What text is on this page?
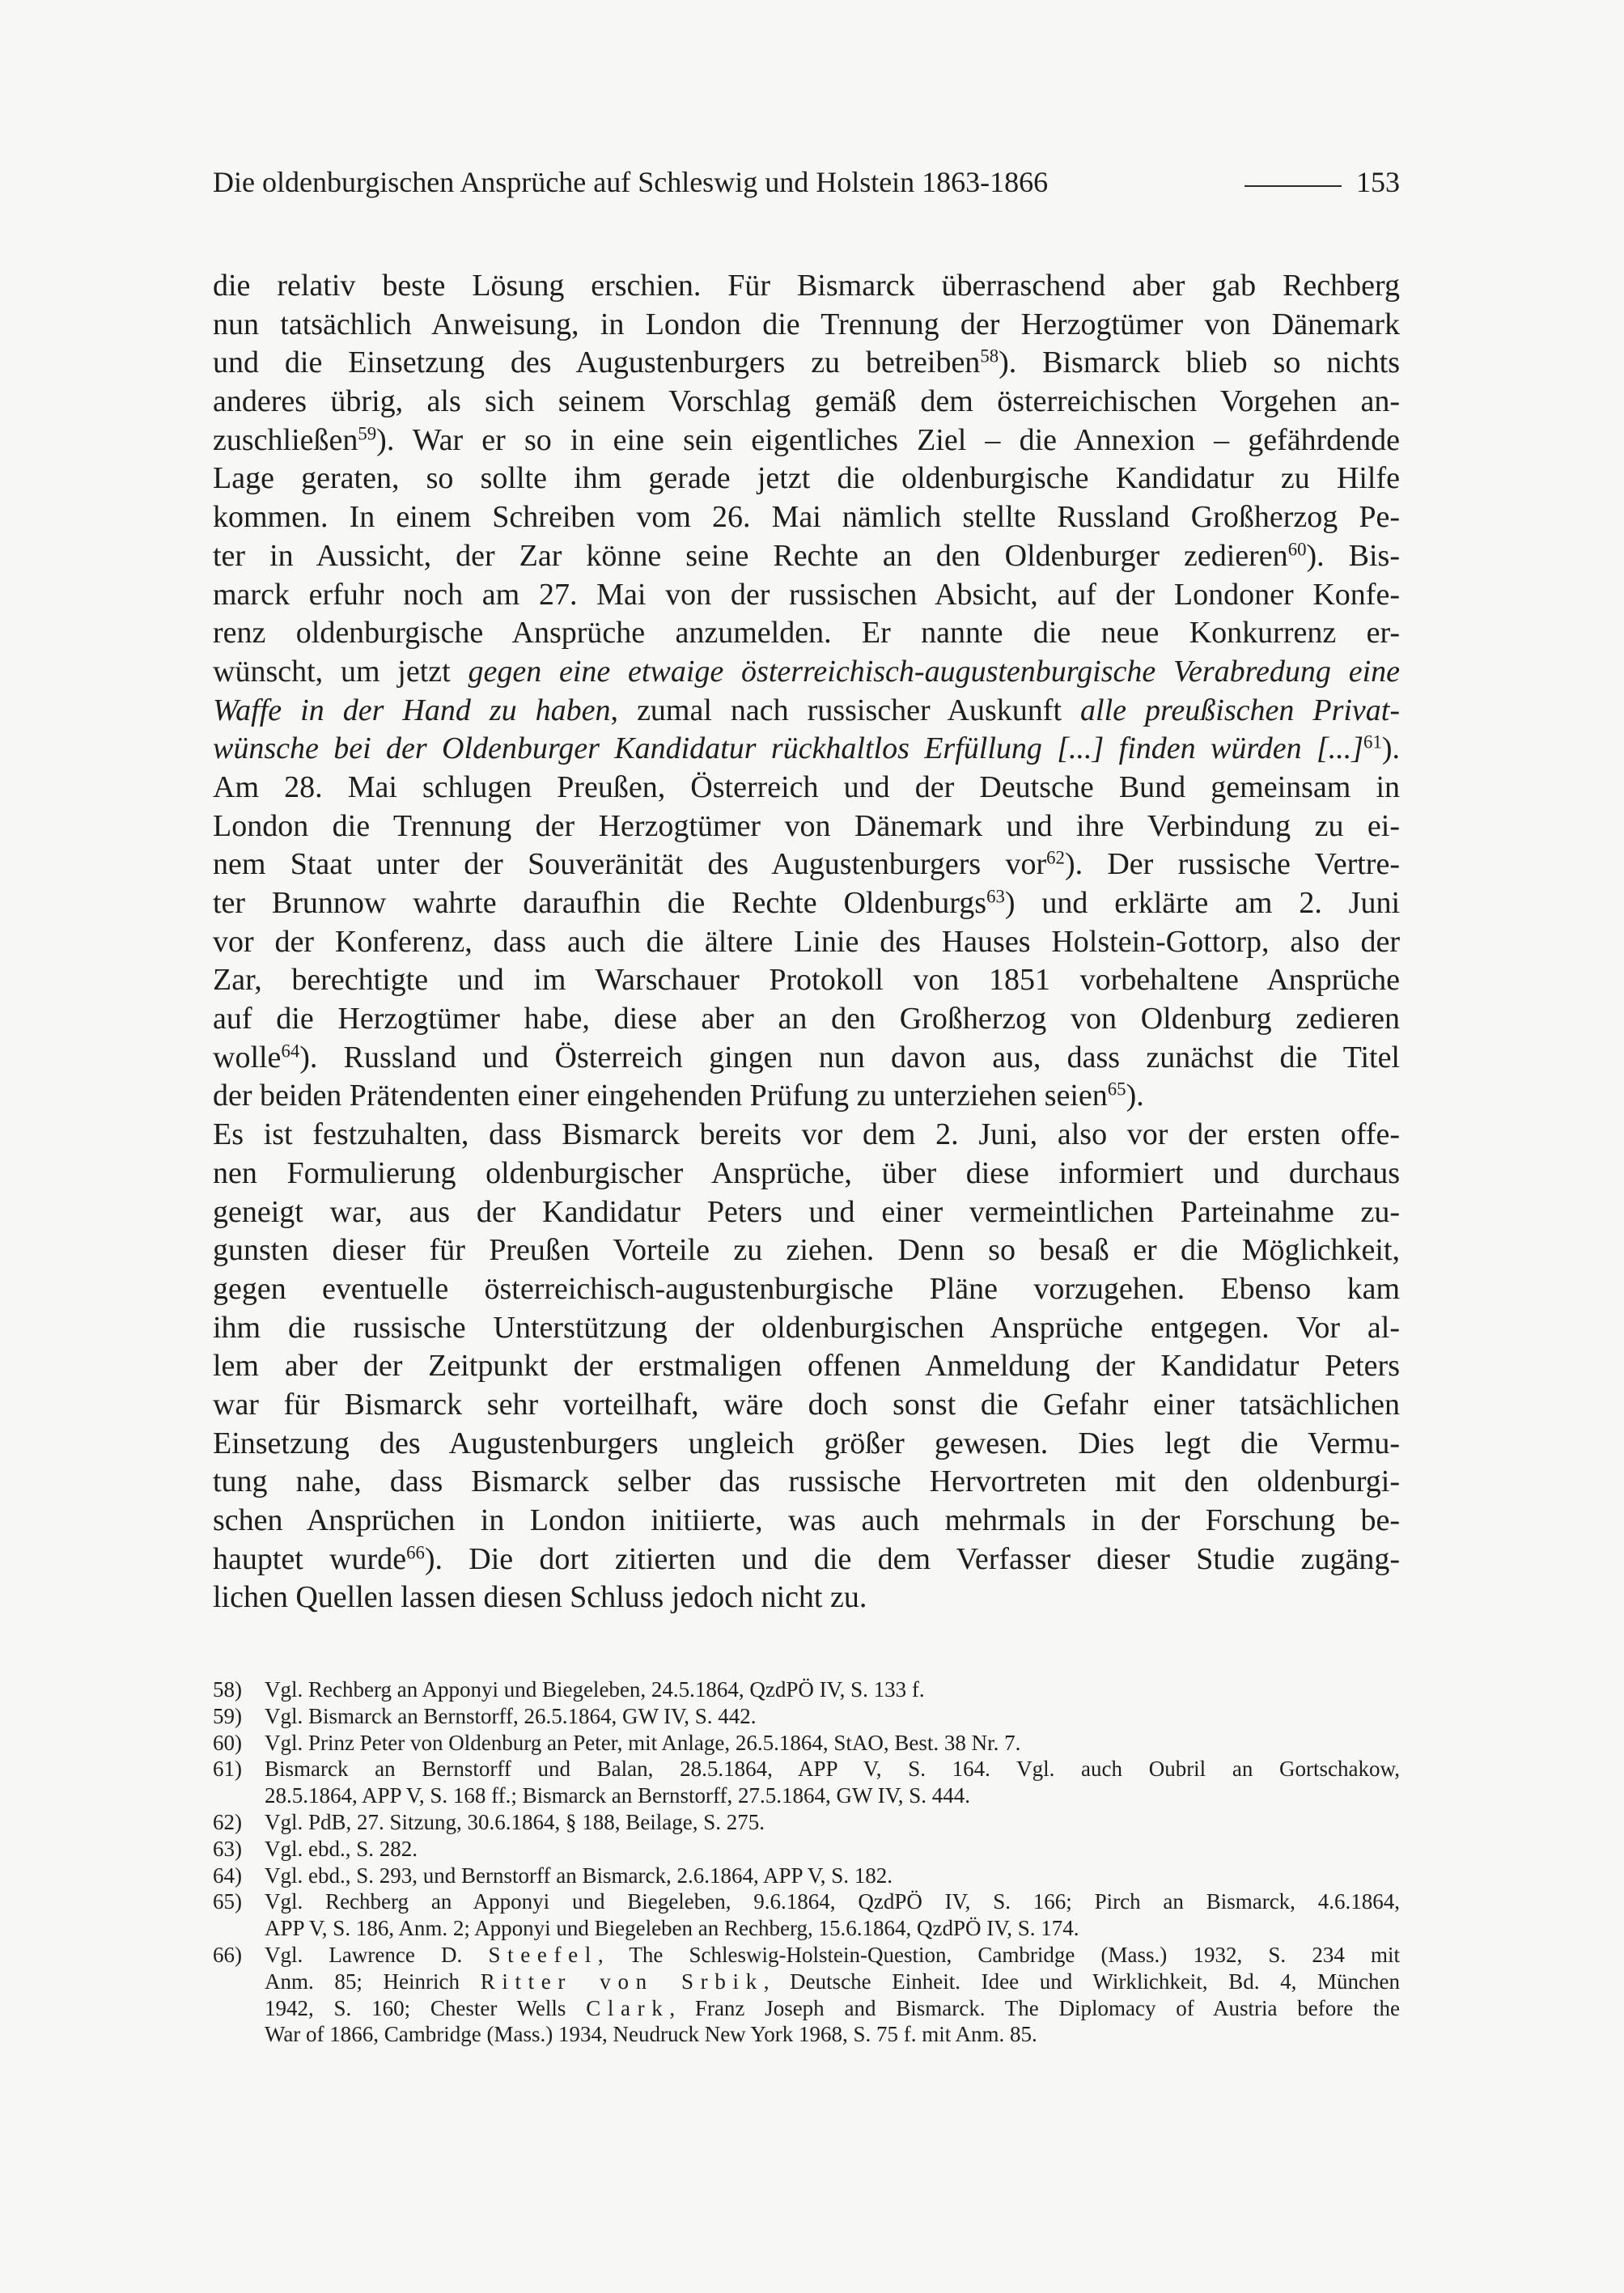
Die oldenburgischen Ansprüche auf Schleswig und Holstein 1863-1866	153
die relativ beste Lösung erschien. Für Bismarck überraschend aber gab Rechberg
nun tatsächlich Anweisung, in London die Trennung der Herzogtümer von Dänemark
und die Einsetzung des Augustenburgers zu betreiben$^{58}$). Bismarck blieb so nichts
anderes übrig, als sich seinem Vorschlag gemäß dem österreichischen Vorgehen an-
zuschließen$^{59}$). War er so in eine sein eigentliches Ziel – die Annexion – gefährdende
Lage geraten, so sollte ihm gerade jetzt die oldenburgische Kandidatur zu Hilfe
kommen. In einem Schreiben vom 26. Mai nämlich stellte Russland Großherzog Pe-
ter in Aussicht, der Zar könne seine Rechte an den Oldenburger zedieren$^{60}$). Bis-
marck erfuhr noch am 27. Mai von der russischen Absicht, auf der Londoner Konfe-
renz oldenburgische Ansprüche anzumelden. Er nannte die neue Konkurrenz er-
wünscht, um jetzt gegen eine etwaige österreichisch-augustenburgische Verabredung eine
Waffe in der Hand zu haben, zumal nach russischer Auskunft alle preußischen Privat-
wünsche bei der Oldenburger Kandidatur rückhaltlos Erfüllung [...] finden würden [...]$^{61}$).
Am 28. Mai schlugen Preußen, Österreich und der Deutsche Bund gemeinsam in
London die Trennung der Herzogtümer von Dänemark und ihre Verbindung zu ei-
nem Staat unter der Souveränität des Augustenburgers vor$^{62}$). Der russische Vertre-
ter Brunnow wahrte daraufhin die Rechte Oldenburgs$^{63}$) und erklärte am 2. Juni
vor der Konferenz, dass auch die ältere Linie des Hauses Holstein-Gottorp, also der
Zar, berechtigte und im Warschauer Protokoll von 1851 vorbehaltene Ansprüche
auf die Herzogtümer habe, diese aber an den Großherzog von Oldenburg zedieren
wolle$^{64}$). Russland und Österreich gingen nun davon aus, dass zunächst die Titel
der beiden Prätendenten einer eingehenden Prüfung zu unterziehen seien$^{65}$).
Es ist festzuhalten, dass Bismarck bereits vor dem 2. Juni, also vor der ersten offe-
nen Formulierung oldenburgischer Ansprüche, über diese informiert und durchaus
geneigt war, aus der Kandidatur Peters und einer vermeintlichen Parteinahme zu-
gunsten dieser für Preußen Vorteile zu ziehen. Denn so besaß er die Möglichkeit,
gegen eventuelle österreichisch-augustenburgische Pläne vorzugehen. Ebenso kam
ihm die russische Unterstützung der oldenburgischen Ansprüche entgegen. Vor al-
lem aber der Zeitpunkt der erstmaligen offenen Anmeldung der Kandidatur Peters
war für Bismarck sehr vorteilhaft, wäre doch sonst die Gefahr einer tatsächlichen
Einsetzung des Augustenburgers ungleich größer gewesen. Dies legt die Vermu-
tung nahe, dass Bismarck selber das russische Hervortreten mit den oldenburgi-
schen Ansprüchen in London initiierte, was auch mehrmals in der Forschung be-
hauptet wurde$^{66}$). Die dort zitierten und die dem Verfasser dieser Studie zugäng-
lichen Quellen lassen diesen Schluss jedoch nicht zu.
58)	Vgl. Rechberg an Apponyi und Biegeleben, 24.5.1864, QzdPÖ IV, S. 133 f.
59)	Vgl. Bismarck an Bernstorff, 26.5.1864, GW IV, S. 442.
60)	Vgl. Prinz Peter von Oldenburg an Peter, mit Anlage, 26.5.1864, StAO, Best. 38 Nr. 7.
61)	Bismarck an Bernstorff und Balan, 28.5.1864, APP V, S. 164. Vgl. auch Oubril an Gortschakow,
28.5.1864, APP V, S. 168 ff.; Bismarck an Bernstorff, 27.5.1864, GW IV, S. 444.
62)	Vgl. PdB, 27. Sitzung, 30.6.1864, § 188, Beilage, S. 275.
63)	Vgl. ebd., S. 282.
64)	Vgl. ebd., S. 293, und Bernstorff an Bismarck, 2.6.1864, APP V, S. 182.
65)	Vgl. Rechberg an Apponyi und Biegeleben, 9.6.1864, QzdPÖ IV, S. 166; Pirch an Bismarck, 4.6.1864,
APP V, S. 186, Anm. 2; Apponyi und Biegeleben an Rechberg, 15.6.1864, QzdPÖ IV, S. 174.
66)	Vgl. Lawrence D. Steefel, The Schleswig-Holstein-Question, Cambridge (Mass.) 1932, S. 234 mit
Anm. 85; Heinrich Ritter von Srbik, Deutsche Einheit. Idee und Wirklichkeit, Bd. 4, München
1942, S. 160; Chester Wells Clark, Franz Joseph and Bismarck. The Diplomacy of Austria before the
War of 1866, Cambridge (Mass.) 1934, Neudruck New York 1968, S. 75 f. mit Anm. 85.
